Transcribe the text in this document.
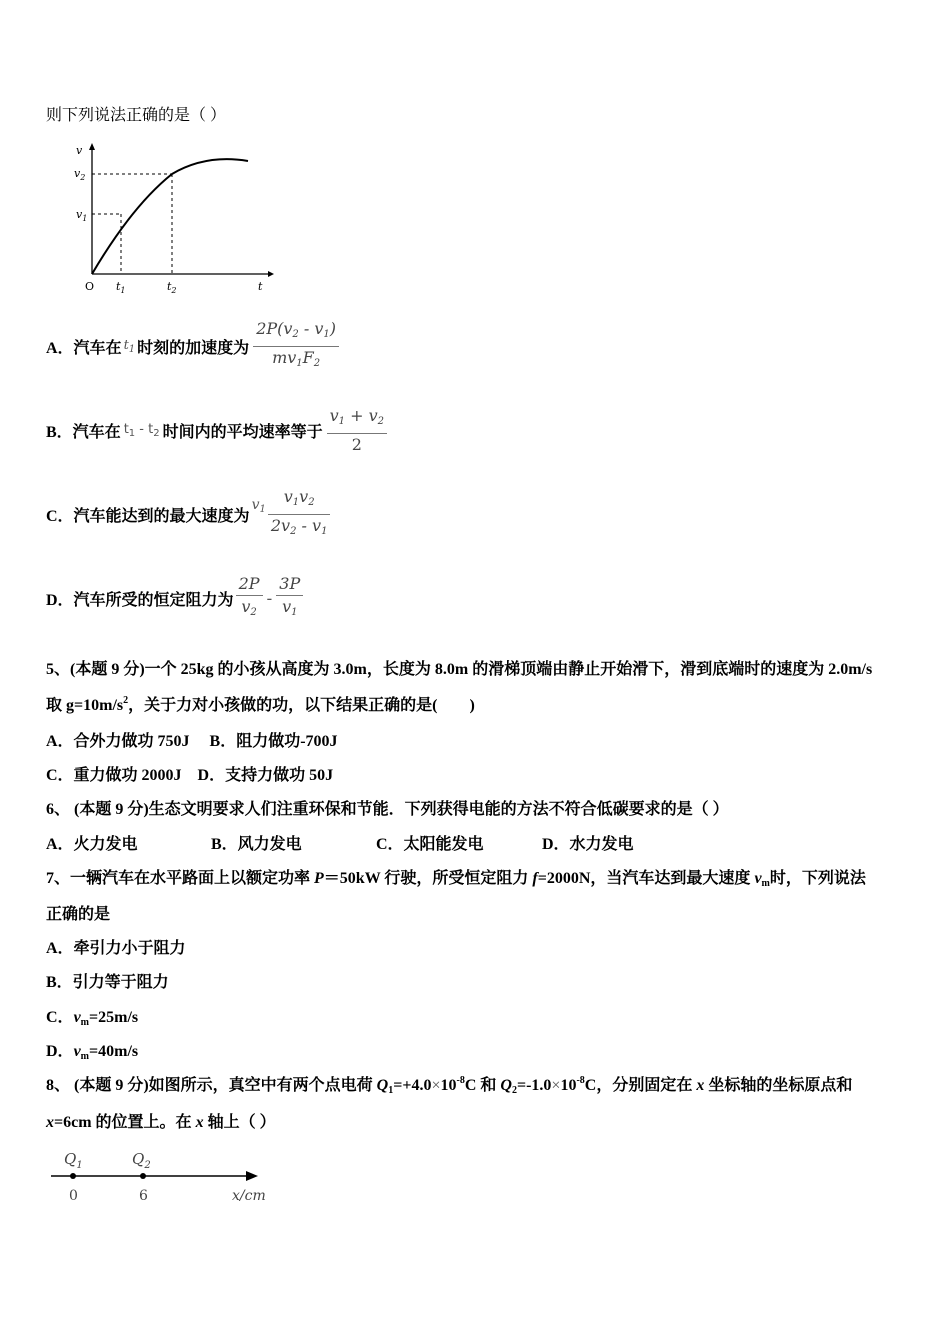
则下列说法正确的是（ ）
v
$v_2$
$v_1$
O $t_1$	$t_2$	t
A．汽车在 $t_1$ 时刻的加速度为 $\frac{2P(v_2 - v_1)}{mv_1F_2}$
B．汽车在 $t_1 - t_2$ 时间内的平均速率等于 $\frac{v_1 + v_2}{2}$
C．汽车能达到的最大速度为
$v_1 \frac{v_1v_2}{2v_2 - v_1}$
D．汽车所受的恒定阻力为 $\frac{2P}{v_2} - \frac{3P}{v_1}$
5、(本题 9 分)一个 25kg 的小孩从高度为 3.0m，长度为 8.0m 的滑梯顶端由静止开始滑下，滑到底端时的速度为 2.0m/s
取 $g=10m/s^2$，关于力对小孩做的功，以下结果正确的是(　　)
A．合外力做功 750J　 B．阻力做功-700J
C．重力做功 2000J　D．支持力做功 50J
6、 (本题 9 分)生态文明要求人们注重环保和节能．下列获得电能的方法不符合低碳要求的是（ ）
A．火力发电	B．风力发电	C．太阳能发电	D．水力发电
7、一辆汽车在水平路面上以额定功率 P＝50kW 行驶，所受恒定阻力 f=2000N，当汽车达到最大速度 $v_m$时，下列说法
正确的是
A．牵引力小于阻力
B．引力等于阻力
C．$v_m=25m/s$
D．$v_m=40m/s$
8、 (本题 9 分)如图所示，真空中有两个点电荷 $Q_1=+4.0\times 10^{-8}C$ 和 $Q_2=-1.0\times 10^{-8}C$，分别固定在 x 坐标轴的坐标原点和
x=6cm 的位置上。在 x 轴上（ ）
$Q_1$	$Q_2$
0	6	x/cm
